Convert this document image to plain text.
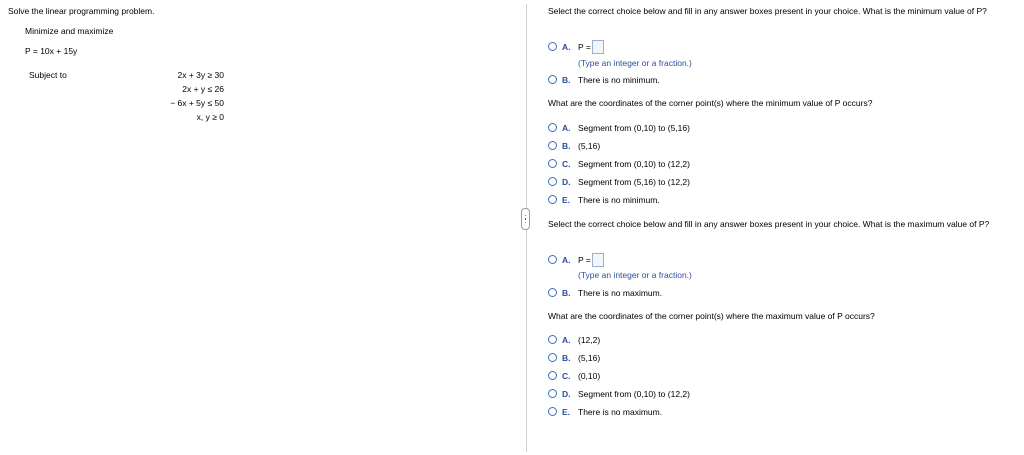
Solve the linear programming problem.
Minimize and maximize
P = 10x + 15y
Subject to	2x + 3y ≥ 30
2x + y ≤ 26
− 6x + 5y ≤ 50
x, y ≥ 0
Select the correct choice below and fill in any answer boxes present in your choice. What is the minimum value of P?
A. P =
(Type an integer or a fraction.)
B. There is no minimum.
What are the coordinates of the corner point(s) where the minimum value of P occurs?
A. Segment from (0,10) to (5,16)
B. (5,16)
C. Segment from (0,10) to (12,2)
D. Segment from (5,16) to (12,2)
E. There is no minimum.
Select the correct choice below and fill in any answer boxes present in your choice. What is the maximum value of P?
A. P =
(Type an integer or a fraction.)
B. There is no maximum.
What are the coordinates of the corner point(s) where the maximum value of P occurs?
A. (12,2)
B. (5,16)
C. (0,10)
D. Segment from (0,10) to (12,2)
E. There is no maximum.
